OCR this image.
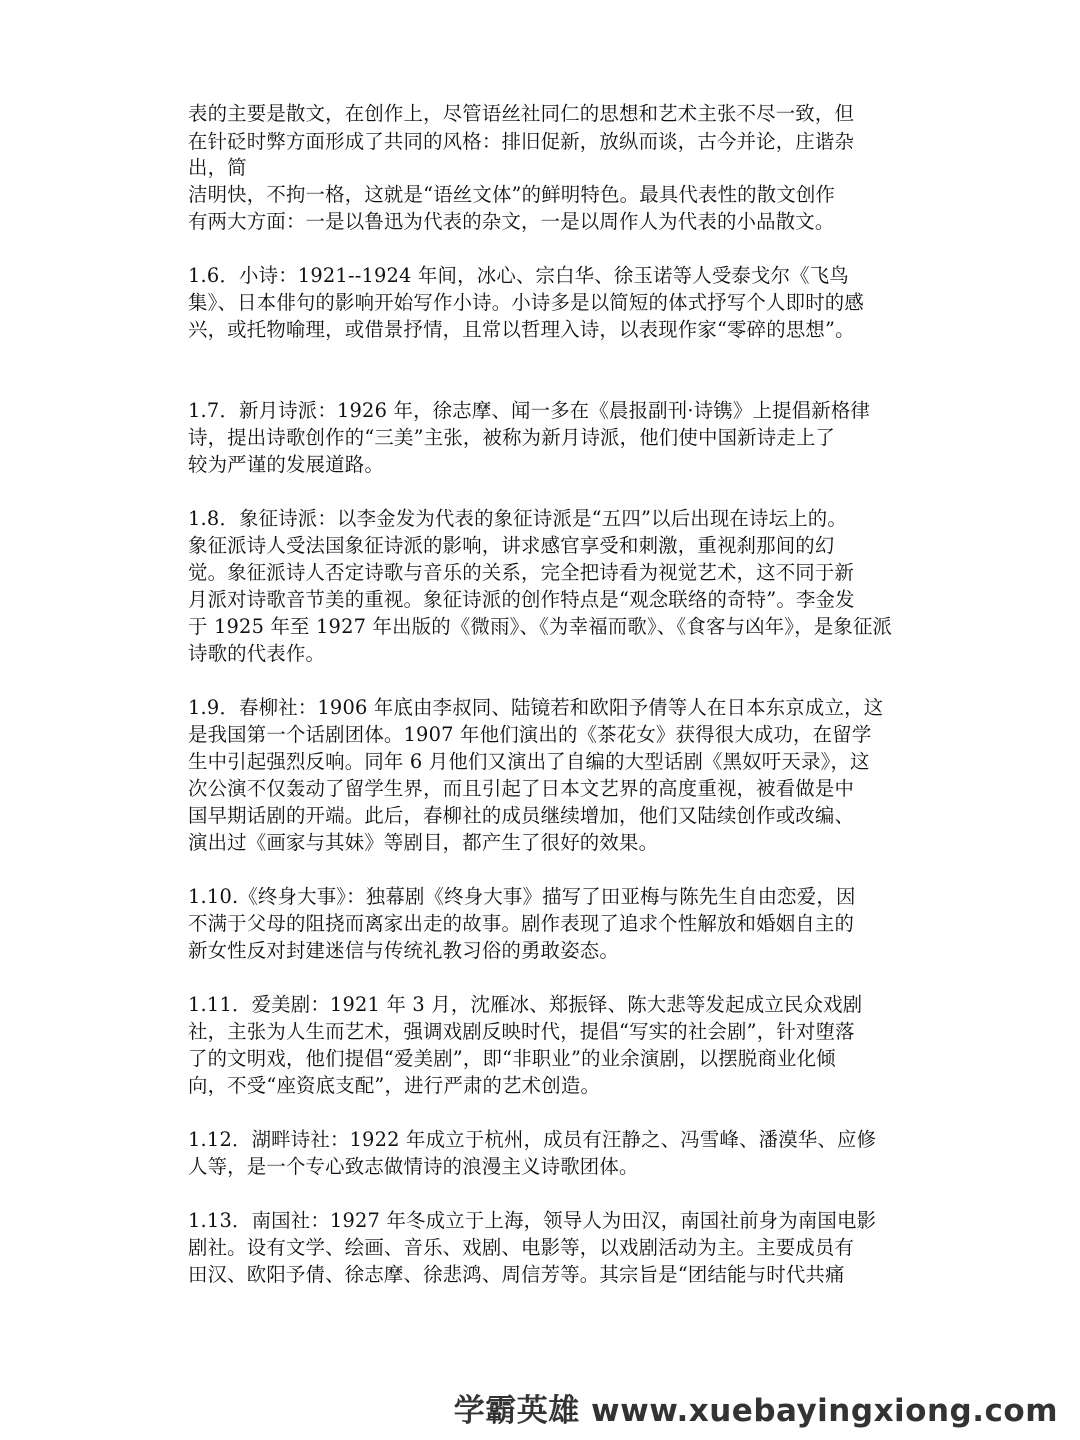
表的主要是散文，在创作上，尽管语丝社同仁的思想和艺术主张不尽一致，但
在针砭时弊方面形成了共同的风格：排旧促新，放纵而谈，古今并论，庄谐杂
出，简
洁明快，不拘一格，这就是“语丝文体”的鲜明特色。最具代表性的散文创作
有两大方面：一是以鲁迅为代表的杂文，一是以周作人为代表的小品散文。
1.6．小诗：1921--1924 年间，冰心、宗白华、徐玉诺等人受泰戈尔《飞鸟
集》、日本俳句的影响开始写作小诗。小诗多是以简短的体式抒写个人即时的感
兴，或托物喻理，或借景抒情，且常以哲理入诗，以表现作家“零碎的思想”。
1.7．新月诗派：1926 年，徐志摩、闻一多在《晨报副刊·诗镌》上提倡新格律
诗，提出诗歌创作的“三美”主张，被称为新月诗派，他们使中国新诗走上了
较为严谨的发展道路。
1.8．象征诗派：以李金发为代表的象征诗派是“五四”以后出现在诗坛上的。
象征派诗人受法国象征诗派的影响，讲求感官享受和刺激，重视刹那间的幻
觉。象征派诗人否定诗歌与音乐的关系，完全把诗看为视觉艺术，这不同于新
月派对诗歌音节美的重视。象征诗派的创作特点是“观念联络的奇特”。李金发
于 1925 年至 1927 年出版的《微雨》、《为幸福而歌》、《食客与凶年》，是象征派
诗歌的代表作。
1.9．春柳社：1906 年底由李叔同、陆镜若和欧阳予倩等人在日本东京成立，这
是我国第一个话剧团体。1907 年他们演出的《茶花女》获得很大成功，在留学
生中引起强烈反响。同年 6 月他们又演出了自编的大型话剧《黑奴吁天录》，这
次公演不仅轰动了留学生界，而且引起了日本文艺界的高度重视，被看做是中
国早期话剧的开端。此后，春柳社的成员继续增加，他们又陆续创作或改编、
演出过《画家与其妹》等剧目，都产生了很好的效果。
1.10.《终身大事》：独幕剧《终身大事》描写了田亚梅与陈先生自由恋爱，因
不满于父母的阻挠而离家出走的故事。剧作表现了追求个性解放和婚姻自主的
新女性反对封建迷信与传统礼教习俗的勇敢姿态。
1.11．爱美剧：1921 年 3 月，沈雁冰、郑振铎、陈大悲等发起成立民众戏剧
社，主张为人生而艺术，强调戏剧反映时代，提倡“写实的社会剧”，针对堕落
了的文明戏，他们提倡“爱美剧”，即“非职业”的业余演剧，以摆脱商业化倾
向，不受“座资底支配”，进行严肃的艺术创造。
1.12．湖畔诗社：1922 年成立于杭州，成员有汪静之、冯雪峰、潘漠华、应修
人等，是一个专心致志做情诗的浪漫主义诗歌团体。
1.13．南国社：1927 年冬成立于上海，领导人为田汉，南国社前身为南国电影
剧社。设有文学、绘画、音乐、戏剧、电影等，以戏剧活动为主。主要成员有
田汉、欧阳予倩、徐志摩、徐悲鸿、周信芳等。其宗旨是“团结能与时代共痛
学霸英雄 www.xuebayingxiong.com
